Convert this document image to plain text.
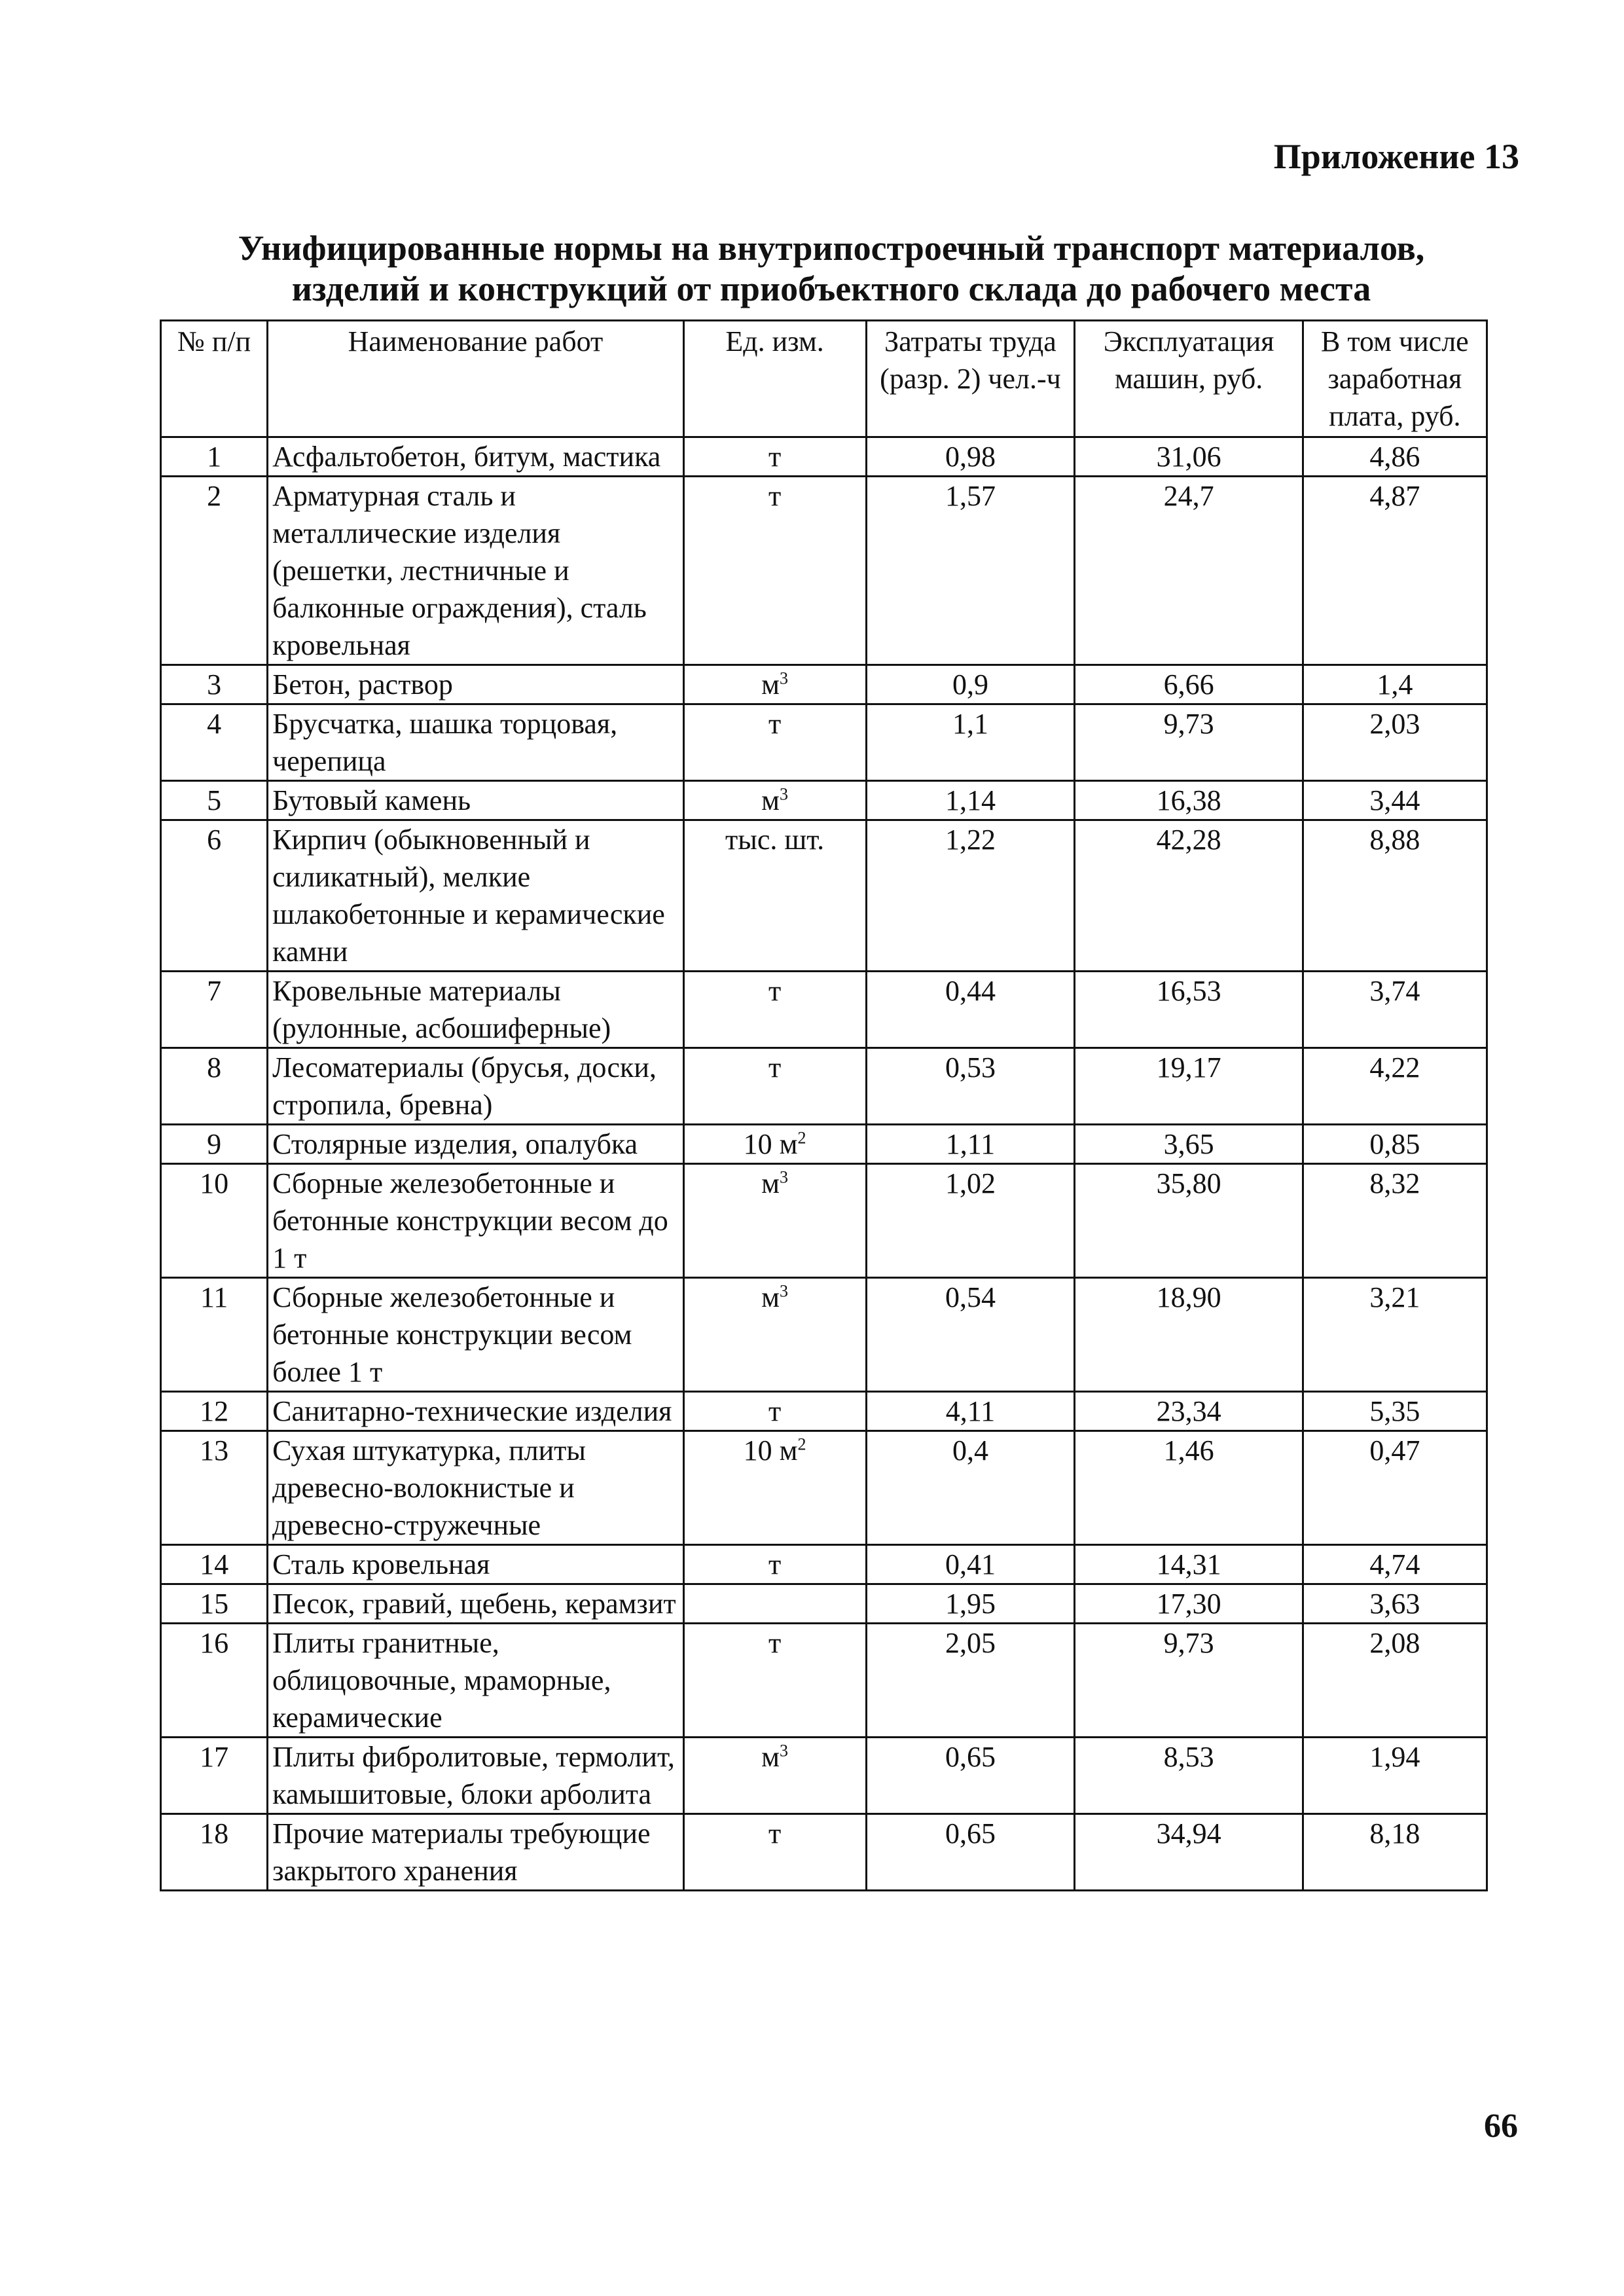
Приложение 13

Унифицированные нормы на внутрипостроечный транспорт материалов,
изделий и конструкций от приобъектного склада до рабочего места
№ п/п	Наименование работ	Ед. изм.	Затраты труда (разр. 2) чел.-ч	Эксплуатация машин, руб.	В том числе заработная плата, руб.
1	Асфальтобетон, битум, мастика	т	0,98	31,06	4,86
2	Арматурная сталь и металлические изделия (решетки, лестничные и балконные ограждения), сталь кровельная	т	1,57	24,7	4,87
3	Бетон, раствор	$м^3$	0,9	6,66	1,4
4	Брусчатка, шашка торцовая, черепица	т	1,1	9,73	2,03
5	Бутовый камень	$м^3$	1,14	16,38	3,44
6	Кирпич (обыкновенный и силикатный), мелкие шлакобетонные и керамические камни	тыс. шт.	1,22	42,28	8,88
7	Кровельные материалы (рулонные, асбошиферные)	т	0,44	16,53	3,74
8	Лесоматериалы (брусья, доски, стропила, бревна)	т	0,53	19,17	4,22
9	Столярные изделия, опалубка	10 $м^2$	1,11	3,65	0,85
10	Сборные железобетонные и бетонные конструкции весом до 1 т	$м^3$	1,02	35,80	8,32
11	Сборные железобетонные и бетонные конструкции весом более 1 т	$м^3$	0,54	18,90	3,21
12	Санитарно-технические изделия	т	4,11	23,34	5,35
13	Сухая штукатурка, плиты древесно-волокнистые и древесно-стружечные	10 $м^2$	0,4	1,46	0,47
14	Сталь кровельная	т	0,41	14,31	4,74
15	Песок, гравий, щебень, керамзит		1,95	17,30	3,63
16	Плиты гранитные, облицовочные, мраморные, керамические	т	2,05	9,73	2,08
17	Плиты фибролитовые, термолит, камышитовые, блоки арболита	$м^3$	0,65	8,53	1,94
18	Прочие материалы требующие закрытого хранения	т	0,65	34,94	8,18

66
